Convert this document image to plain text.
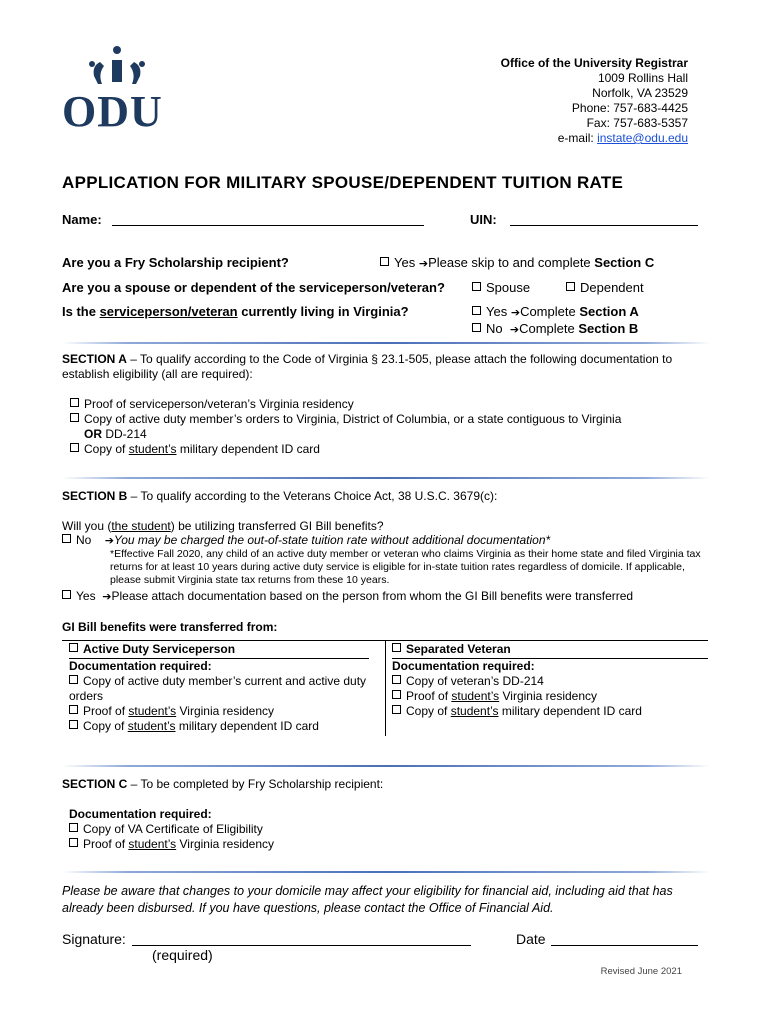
ODU
Office of the University Registrar
1009 Rollins Hall
Norfolk, VA 23529
Phone: 757-683-4425
Fax: 757-683-5357
e-mail: instate@odu.edu
APPLICATION FOR MILITARY SPOUSE/DEPENDENT TUITION RATE
Name:	UIN:
Are you a Fry Scholarship recipient?	Yes ➔Please skip to and complete Section C
Are you a spouse or dependent of the serviceperson/veteran?	Spouse	Dependent
Is the serviceperson/veteran currently living in Virginia?	Yes ➔Complete Section A
No ➔Complete Section B
SECTION A – To qualify according to the Code of Virginia § 23.1-505, please attach the following documentation to establish eligibility (all are required):
Proof of serviceperson/veteran’s Virginia residency
Copy of active duty member’s orders to Virginia, District of Columbia, or a state contiguous to Virginia
OR DD-214
Copy of student’s military dependent ID card
SECTION B – To qualify according to the Veterans Choice Act, 38 U.S.C. 3679(c):
Will you (the student) be utilizing transferred GI Bill benefits?
No ➔You may be charged the out-of-state tuition rate without additional documentation*
*Effective Fall 2020, any child of an active duty member or veteran who claims Virginia as their home state and filed Virginia tax returns for at least 10 years during active duty service is eligible for in-state tuition rates regardless of domicile. If applicable, please submit Virginia state tax returns from these 10 years.
Yes ➔Please attach documentation based on the person from whom the GI Bill benefits were transferred
GI Bill benefits were transferred from:
Active Duty Serviceperson
Documentation required:
Copy of active duty member’s current and active duty orders
Proof of student’s Virginia residency
Copy of student’s military dependent ID card
Separated Veteran
Documentation required:
Copy of veteran’s DD-214
Proof of student’s Virginia residency
Copy of student’s military dependent ID card
SECTION C – To be completed by Fry Scholarship recipient:
Documentation required:
Copy of VA Certificate of Eligibility
Proof of student’s Virginia residency
Please be aware that changes to your domicile may affect your eligibility for financial aid, including aid that has already been disbursed. If you have questions, please contact the Office of Financial Aid.
Signature:
(required)
Date
Revised June 2021
